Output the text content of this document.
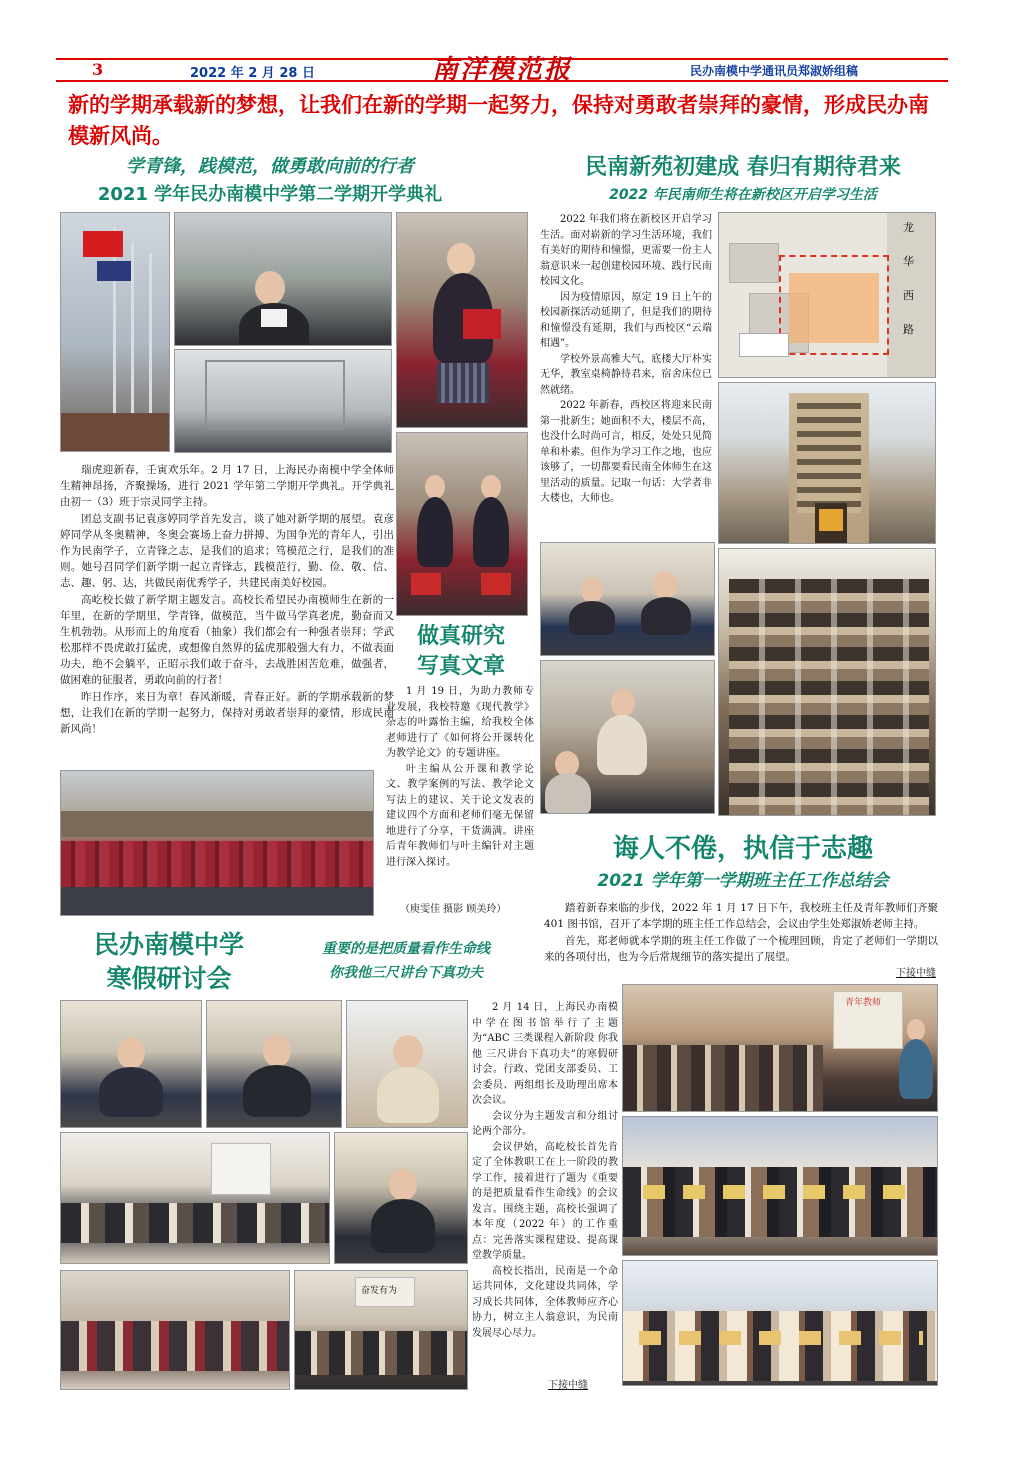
3	2022 年 2 月 28 日	南洋模范报	民办南模中学通讯员郑淑娇组稿
新的学期承载新的梦想，让我们在新的学期一起努力，保持对勇敢者崇拜的豪情，形成民办南模新风尚。
学青锋，践模范，做勇敢向前的行者
2021 学年民办南模中学第二学期开学典礼

瑞虎迎新春，壬寅欢乐年。2 月 17 日，上海民办南模中学全体师生精神昂扬，齐聚操场，进行 2021 学年第二学期开学典礼。开学典礼由初一（3）班于宗灵同学主持。

团总支副书记袁彦婷同学首先发言，谈了她对新学期的展望。袁彦婷同学从冬奥精神，冬奥会赛场上奋力拼搏、为国争光的青年人，引出作为民南学子，立青锋之志，是我们的追求；笃模范之行，是我们的准则。她号召同学们新学期一起立青锋志，践模范行，勤、俭、敬、信、志、趣、躬、达，共做民南优秀学子，共建民南美好校园。

高屹校长做了新学期主题发言。高校长希望民办南模师生在新的一年里，在新的学期里，学青锋，做模范，当牛做马学真老虎，勤奋而又生机勃勃。从形而上的角度看（抽象）我们都会有一种强者崇拜；学武松那样不畏虎敢打猛虎，或想像自然界的猛虎那般强大有力，不做表面功夫，绝不会躺平，正昭示我们敢于奋斗，去战胜困苦危难，做强者，做困难的征服者，勇敢向前的行者！

昨日作序，来日为章！春风渐暖，青春正好。新的学期承载新的梦想，让我们在新的学期一起努力，保持对勇敢者崇拜的豪情，形成民南新风尚！

做真研究
写真文章

1 月 19 日，为助力教师专业发展，我校特邀《现代教学》杂志的叶露怡主编，给我校全体老师进行了《如何将公开课转化为教学论文》的专题讲座。

叶主编从公开课和教学论文、教学案例的写法、教学论文写法上的建议、关于论文发表的建议四个方面和老师们毫无保留地进行了分享，干货满满。讲座后青年教师们与叶主编针对主题进行深入探讨。

（庾雯佳 摄影 顾美玲）
民南新苑初建成 春归有期待君来
2022 年民南师生将在新校区开启学习生活

2022 年我们将在新校区开启学习生活。面对崭新的学习生活环境，我们有美好的期待和憧憬，更需要一份主人翁意识来一起创建校园环境、践行民南校园文化。

因为疫情原因，原定 19 日上午的校园新探活动延期了，但是我们的期待和憧憬没有延期，我们与西校区“云端相遇”。

学校外景高雅大气，底楼大厅朴实无华，教室桌椅静待君来，宿舍床位已然就绪。

2022 年新春，西校区将迎来民南第一批新生；她面积不大，楼层不高，也没什么时尚可言，相反，处处只见简单和朴素。但作为学习工作之地，也应该够了，一切都要看民南全体师生在这里活动的质量。记取一句话：大学者非大楼也，大师也。

龙
华
西
路
诲人不倦，执信于志趣
2021 学年第一学期班主任工作总结会

踏着新春来临的步伐，2022 年 1 月 17 日下午，我校班主任及青年教师们齐聚 401 图书馆，召开了本学期的班主任工作总结会，会议由学生处郑淑娇老师主持。

首先，郑老师就本学期的班主任工作做了一个梳理回顾，肯定了老师们一学期以来的各项付出，也为今后常规细节的落实提出了展望。

下接中缝
青年教师
民办南模中学
寒假研讨会
重要的是把质量看作生命线
你我他三尺讲台下真功夫
奋发有为

2 月 14 日，上海民办南模中学在图书馆举行了主题为“ABC 三类课程入新阶段 你我他 三尺讲台下真功夫”的寒假研讨会。行政、党团支部委员、工会委员、两组组长及助理出席本次会议。

会议分为主题发言和分组讨论两个部分。

会议伊始，高屹校长首先肯定了全体教职工在上一阶段的教学工作，接着进行了题为《重要的是把质量看作生命线》的会议发言。围绕主题，高校长强调了本年度（2022 年）的工作重点：完善落实课程建设、提高课堂教学质量。

高校长指出，民南是一个命运共同体，文化建设共同体，学习成长共同体，全体教师应齐心协力，树立主人翁意识，为民南发展尽心尽力。

下接中缝
